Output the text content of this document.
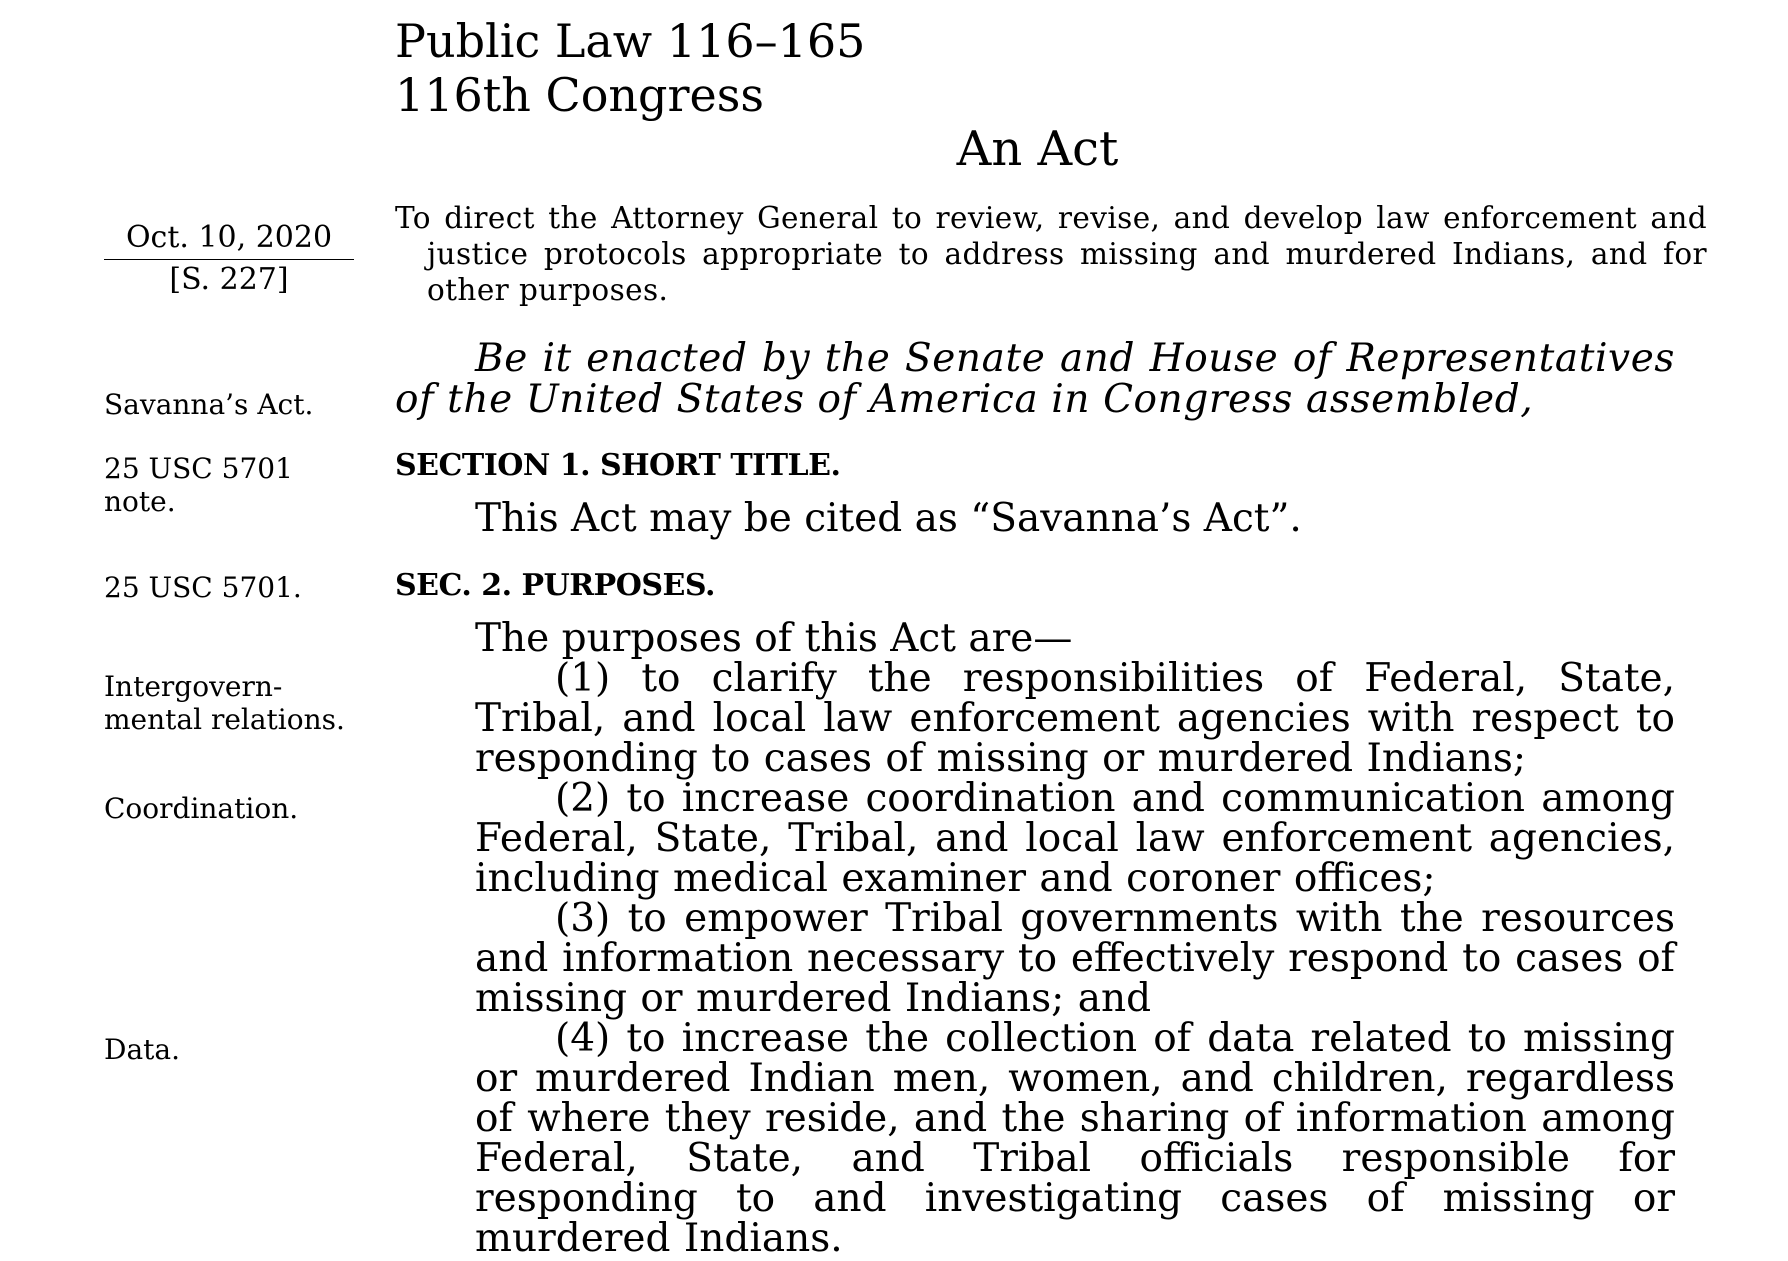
Public Law 116–165
116th Congress
An Act
Oct. 10, 2020
[S. 227]
To direct the Attorney General to review, revise, and develop law enforcement and justice protocols appropriate to address missing and murdered Indians, and for other purposes.
Savanna’s Act.
25 USC 5701
note.
25 USC 5701.
Intergovern-
mental relations.
Coordination.
Data.
Be it enacted by the Senate and House of Representatives of the United States of America in Congress assembled,
SECTION 1. SHORT TITLE.
This Act may be cited as “Savanna’s Act”.
SEC. 2. PURPOSES.
The purposes of this Act are—
(1) to clarify the responsibilities of Federal, State, Tribal, and local law enforcement agencies with respect to responding to cases of missing or murdered Indians;
(2) to increase coordination and communication among Federal, State, Tribal, and local law enforcement agencies, including medical examiner and coroner offices;
(3) to empower Tribal governments with the resources and information necessary to effectively respond to cases of missing or murdered Indians; and
(4) to increase the collection of data related to missing or murdered Indian men, women, and children, regardless of where they reside, and the sharing of information among Federal, State, and Tribal officials responsible for responding to and investigating cases of missing or murdered Indians.
